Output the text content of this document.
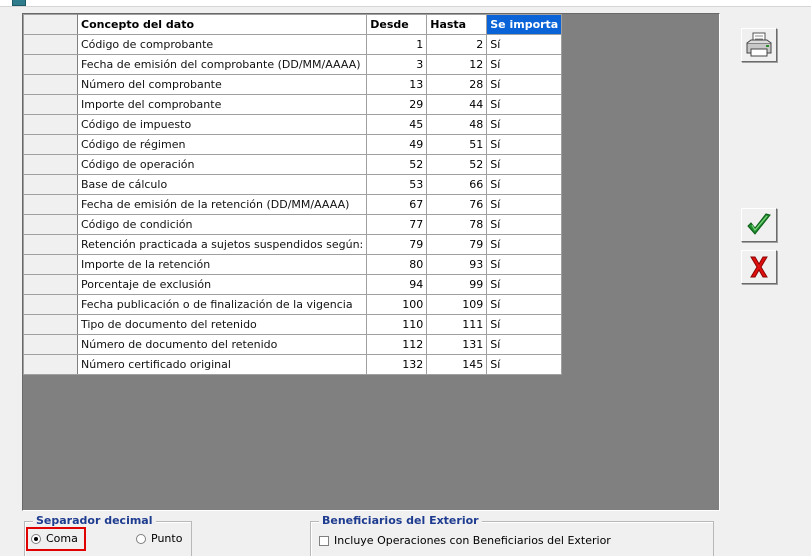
	Concepto del dato	Desde	Hasta	Se importa
	Código de comprobante	1	2	Sí
	Fecha de emisión del comprobante (DD/MM/AAAA)	3	12	Sí
	Número del comprobante	13	28	Sí
	Importe del comprobante	29	44	Sí
	Código de impuesto	45	48	Sí
	Código de régimen	49	51	Sí
	Código de operación	52	52	Sí
	Base de cálculo	53	66	Sí
	Fecha de emisión de la retención (DD/MM/AAAA)	67	76	Sí
	Código de condición	77	78	Sí
	Retención practicada a sujetos suspendidos según:	79	79	Sí
	Importe de la retención	80	93	Sí
	Porcentaje de exclusión	94	99	Sí
	Fecha publicación o de finalización de la vigencia	100	109	Sí
	Tipo de documento del retenido	110	111	Sí
	Número de documento del retenido	112	131	Sí
	Número certificado original	132	145	Sí
Separador decimal
Coma	Punto
Beneficiarios del Exterior
Incluye Operaciones con Beneficiarios del Exterior
